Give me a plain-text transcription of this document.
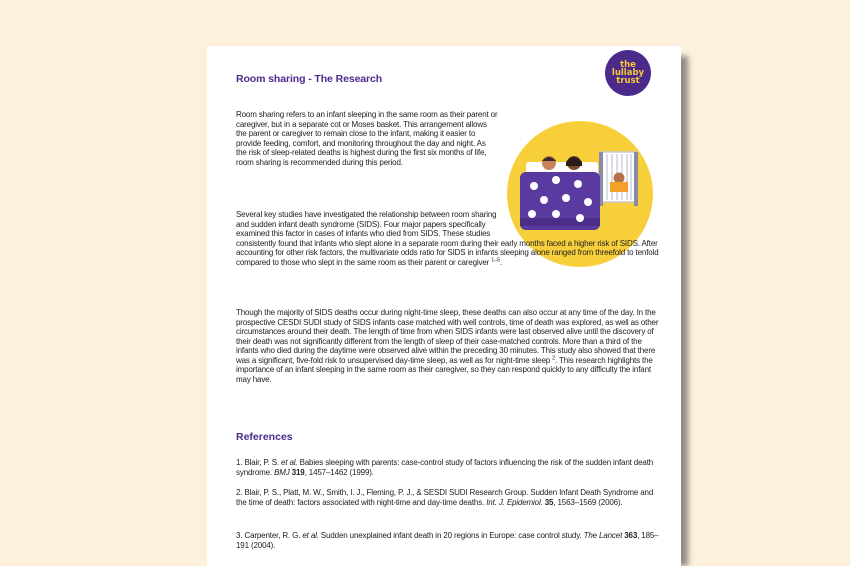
Room sharing - The Research
the
lullaby
trust

Room sharing refers to an infant sleeping in the same room as their parent or caregiver, but in a separate cot or Moses basket. This arrangement allows the parent or caregiver to remain close to the infant, making it easier to provide feeding, comfort, and monitoring throughout the day and night. As the risk of sleep-related deaths is highest during the first six months of life, room sharing is recommended during this period.

Several key studies have investigated the relationship between room sharing and sudden infant death syndrome (SIDS). Four major papers specifically examined this factor in cases of infants who died from SIDS. These studies
consistently found that infants who slept alone in a separate room during their early months faced a higher risk of SIDS. After accounting for other risk factors, the multivariate odds ratio for SIDS in infants sleeping alone ranged from threefold to tenfold compared to those who slept in the same room as their parent or caregiver $^{1-5}$.

Though the majority of SIDS deaths occur during night-time sleep, these deaths can also occur at any time of the day. In the prospective CESDI SUDI study of SIDS infants case matched with well controls, time of death was explored, as well as other circumstances around their death. The length of time from when SIDS infants were last observed alive until the discovery of their death was not significantly different from the length of sleep of their case-matched controls. More than a third of the infants who died during the daytime were observed alive within the preceding 30 minutes. This study also showed that there was a significant, five-fold risk to unsupervised day-time sleep, as well as for night-time sleep $^2$. This research highlights the importance of an infant sleeping in the same room as their caregiver, so they can respond quickly to any difficulty the infant may have.

References

1. Blair, P. S. et al. Babies sleeping with parents: case-control study of factors influencing the risk of the sudden infant death syndrome. BMJ 319, 1457–1462 (1999).

2. Blair, P. S., Platt, M. W., Smith, I. J., Fleming, P. J., & SESDI SUDI Research Group. Sudden Infant Death Syndrome and the time of death: factors associated with night-time and day-time deaths. Int. J. Epidemiol. 35, 1563–1569 (2006).

3. Carpenter, R. G. et al. Sudden unexplained infant death in 20 regions in Europe: case control study. The Lancet 363, 185–191 (2004).
